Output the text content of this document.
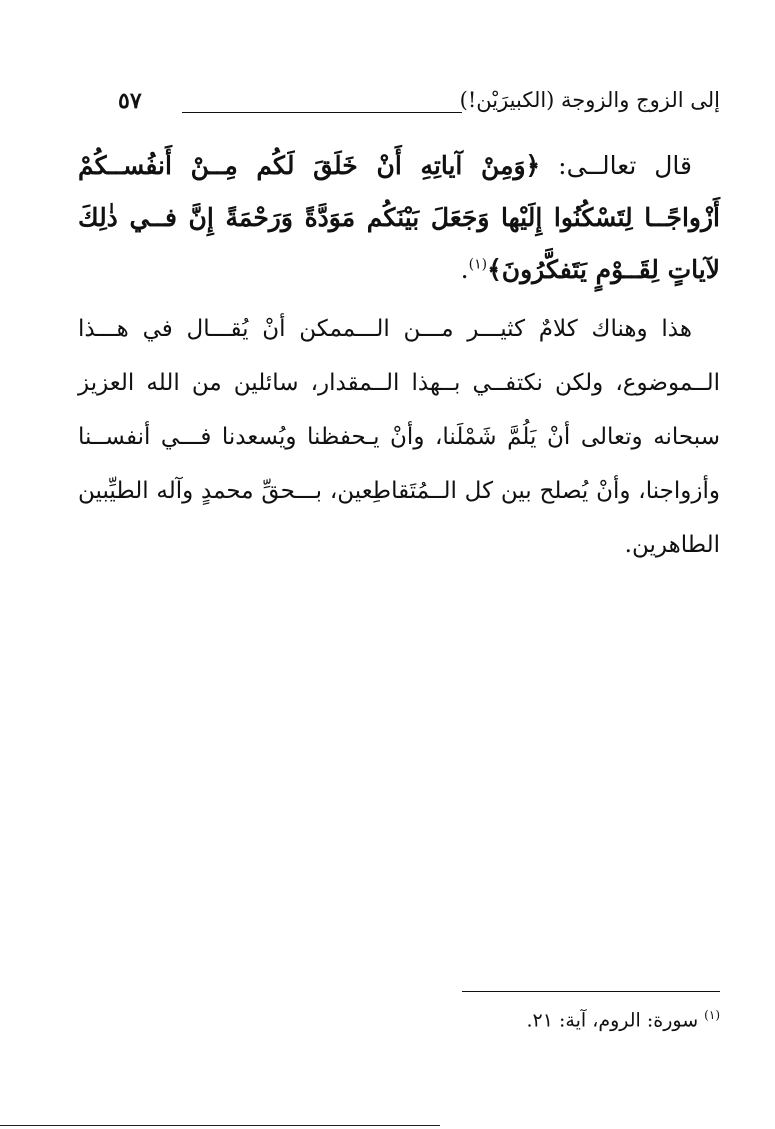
إلى الزوج والزوجة (الكبيرَيْن!)
٥٧

قال تعالــى: ﴿وَمِنْ آياتِهِ أَنْ خَلَقَ لَكُم مِــنْ أَنفُســكُمْ أَزْواجًــا لِتَسْكُنُوا إِلَيْها وَجَعَلَ بَيْنَكُم مَوَدَّةً وَرَحْمَةً إِنَّ فــي ذٰلِكَ لآياتٍ لِقَــوْمٍ يَتَفكَّرُونَ﴾$^{(١)}$.

هذا وهناك كلامٌ كثيـــر مـــن الـــممكن أنْ يُقـــال في هـــذا الــموضوع، ولكن نكتفــي بــهذا الــمقدار، سائلين من الله العزيز سبحانه وتعالى أنْ يَلُمَّ شَمْلَنا، وأنْ يـحفظنا ويُسعدنا فـــي أنفســنا وأزواجنا، وأنْ يُصلح بين كل الــمُتَقاطِعين، بـــحقِّ محمدٍ وآله الطيِّبين الطاهرين.

$^{(١)}$ سورة: الروم، آية: ٢١.
